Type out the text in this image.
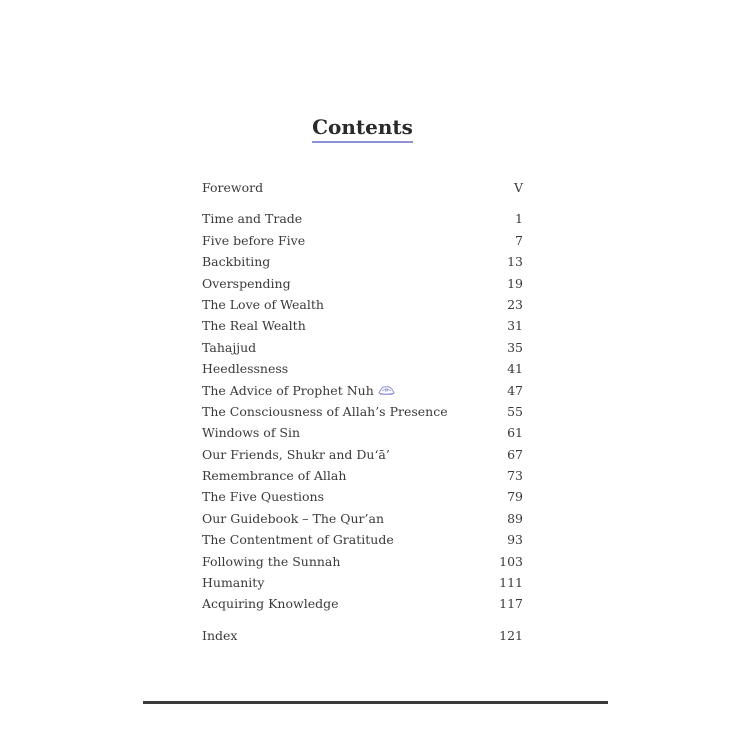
Contents
Foreword	V
Time and Trade	1
Five before Five	7
Backbiting	13
Overspending	19
The Love of Wealth	23
The Real Wealth	31
Tahajjud	35
Heedlessness	41
The Advice of Prophet Nuh	47
The Consciousness of Allah’s Presence	55
Windows of Sin	61
Our Friends, Shukr and Du‘ā’	67
Remembrance of Allah	73
The Five Questions	79
Our Guidebook – The Qur’an	89
The Contentment of Gratitude	93
Following the Sunnah	103
Humanity	111
Acquiring Knowledge	117
Index	121
